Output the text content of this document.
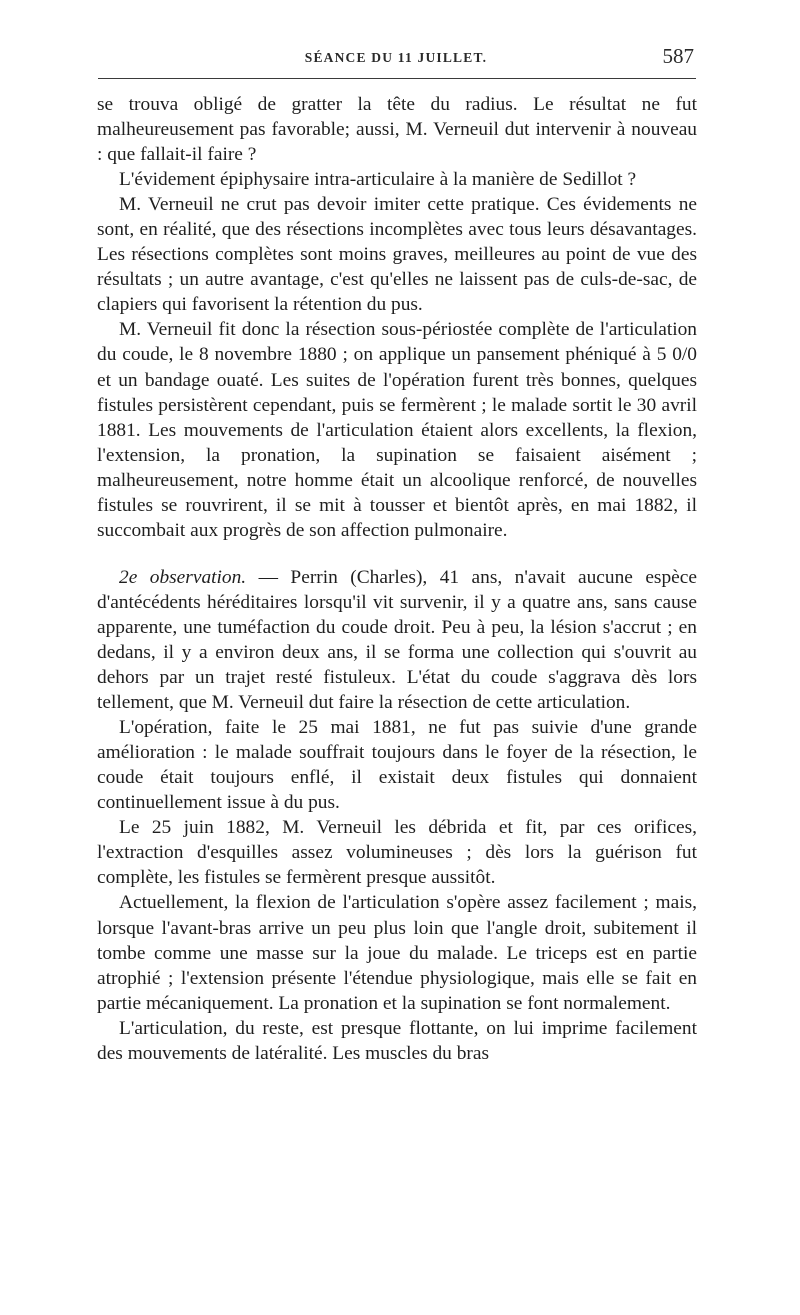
SÉANCE DU 11 JUILLET.	587

se trouva obligé de gratter la tête du radius. Le résultat ne fut malheureusement pas favorable; aussi, M. Verneuil dut intervenir à nouveau : que fallait-il faire ?

L'évidement épiphysaire intra-articulaire à la manière de Sedillot ?

M. Verneuil ne crut pas devoir imiter cette pratique. Ces évidements ne sont, en réalité, que des résections incomplètes avec tous leurs désavantages. Les résections complètes sont moins graves, meilleures au point de vue des résultats ; un autre avantage, c'est qu'elles ne laissent pas de culs-de-sac, de clapiers qui favorisent la rétention du pus.

M. Verneuil fit donc la résection sous-périostée complète de l'articulation du coude, le 8 novembre 1880 ; on applique un pansement phéniqué à 5 0/0 et un bandage ouaté. Les suites de l'opération furent très bonnes, quelques fistules persistèrent cependant, puis se fermèrent ; le malade sortit le 30 avril 1881. Les mouvements de l'articulation étaient alors excellents, la flexion, l'extension, la pronation, la supination se faisaient aisément ; malheureusement, notre homme était un alcoolique renforcé, de nouvelles fistules se rouvrirent, il se mit à tousser et bientôt après, en mai 1882, il succombait aux progrès de son affection pulmonaire.

2e observation. — Perrin (Charles), 41 ans, n'avait aucune espèce d'antécédents héréditaires lorsqu'il vit survenir, il y a quatre ans, sans cause apparente, une tuméfaction du coude droit. Peu à peu, la lésion s'accrut ; en dedans, il y a environ deux ans, il se forma une collection qui s'ouvrit au dehors par un trajet resté fistuleux. L'état du coude s'aggrava dès lors tellement, que M. Verneuil dut faire la résection de cette articulation.

L'opération, faite le 25 mai 1881, ne fut pas suivie d'une grande amélioration : le malade souffrait toujours dans le foyer de la résection, le coude était toujours enflé, il existait deux fistules qui donnaient continuellement issue à du pus.

Le 25 juin 1882, M. Verneuil les débrida et fit, par ces orifices, l'extraction d'esquilles assez volumineuses ; dès lors la guérison fut complète, les fistules se fermèrent presque aussitôt.

Actuellement, la flexion de l'articulation s'opère assez facilement ; mais, lorsque l'avant-bras arrive un peu plus loin que l'angle droit, subitement il tombe comme une masse sur la joue du malade. Le triceps est en partie atrophié ; l'extension présente l'étendue physiologique, mais elle se fait en partie mécaniquement. La pronation et la supination se font normalement.

L'articulation, du reste, est presque flottante, on lui imprime facilement des mouvements de latéralité. Les muscles du bras
